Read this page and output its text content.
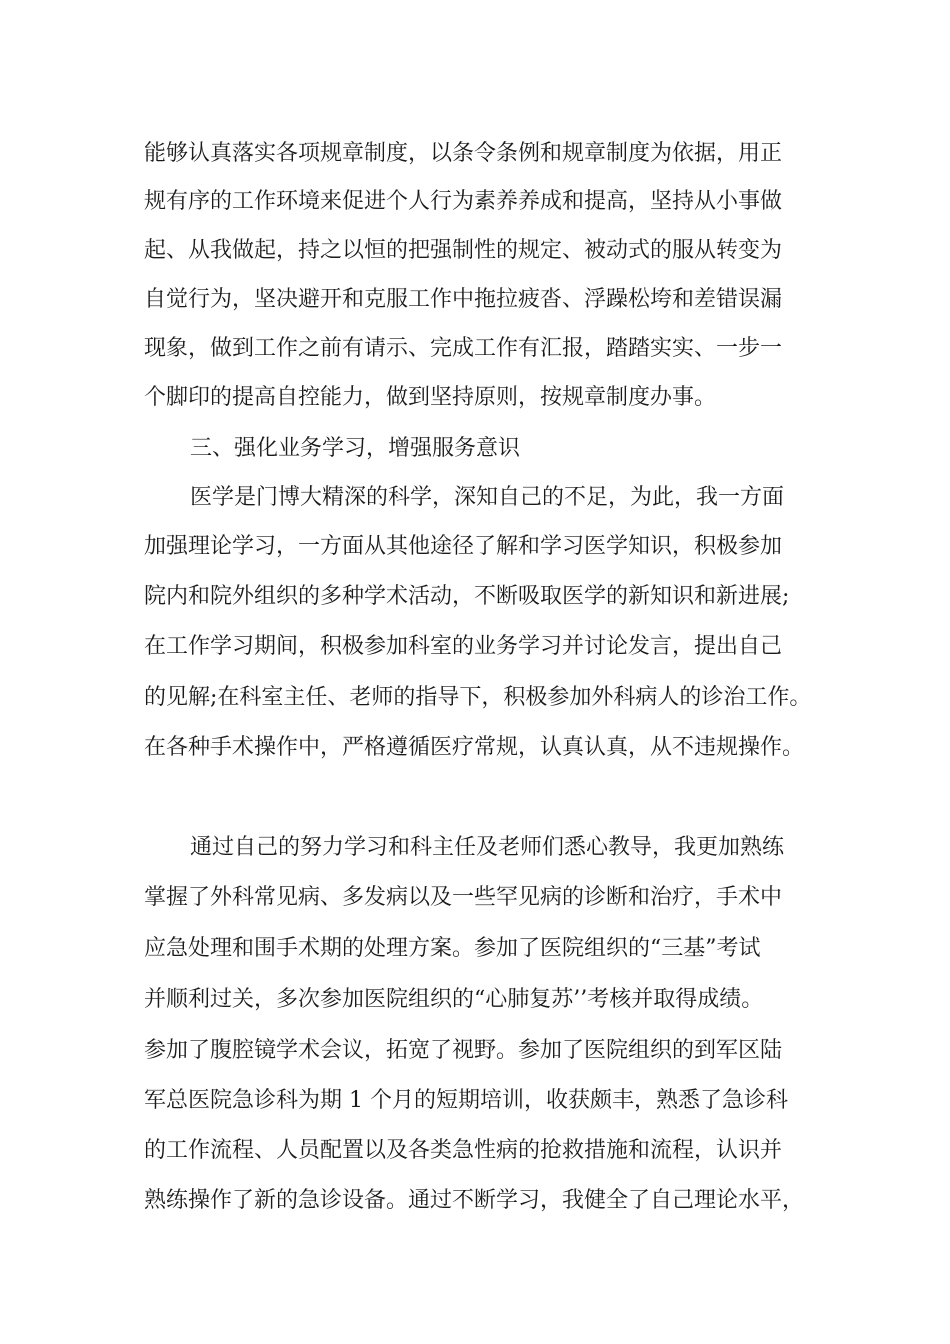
能够认真落实各项规章制度，以条令条例和规章制度为依据，用正
规有序的工作环境来促进个人行为素养养成和提高，坚持从小事做
起、从我做起，持之以恒的把强制性的规定、被动式的服从转变为
自觉行为，坚决避开和克服工作中拖拉疲沓、浮躁松垮和差错误漏
现象，做到工作之前有请示、完成工作有汇报，踏踏实实、一步一
个脚印的提高自控能力，做到坚持原则，按规章制度办事。
三、强化业务学习，增强服务意识
医学是门博大精深的科学，深知自己的不足，为此，我一方面
加强理论学习，一方面从其他途径了解和学习医学知识，积极参加
院内和院外组织的多种学术活动，不断吸取医学的新知识和新进展;
在工作学习期间，积极参加科室的业务学习并讨论发言，提出自己
的见解;在科室主任、老师的指导下，积极参加外科病人的诊治工作。
在各种手术操作中，严格遵循医疗常规，认真认真，从不违规操作。
通过自己的努力学习和科主任及老师们悉心教导，我更加熟练
掌握了外科常见病、多发病以及一些罕见病的诊断和治疗，手术中
应急处理和围手术期的处理方案。参加了医院组织的“三基”考试
并顺利过关，多次参加医院组织的“心肺复苏’’考核并取得成绩。
参加了腹腔镜学术会议，拓宽了视野。参加了医院组织的到军区陆
军总医院急诊科为期 1 个月的短期培训，收获颇丰，熟悉了急诊科
的工作流程、人员配置以及各类急性病的抢救措施和流程，认识并
熟练操作了新的急诊设备。通过不断学习，我健全了自己理论水平，
